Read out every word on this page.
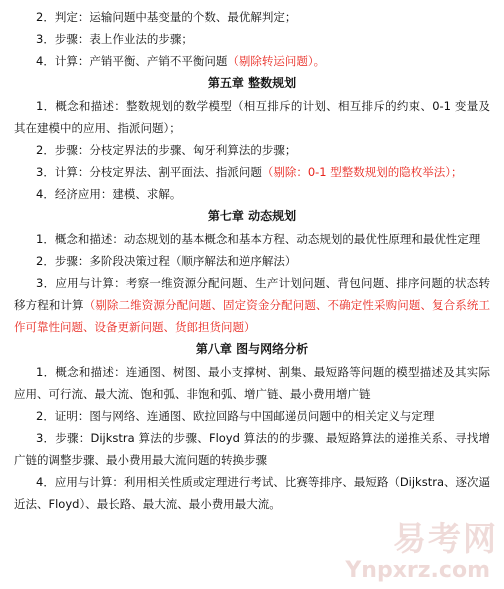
2．判定：运输问题中基变量的个数、最优解判定；

3．步骤：表上作业法的步骤；

4．计算：产销平衡、产销不平衡问题（剔除转运问题）。

第五章 整数规划

1．概念和描述：整数规划的数学模型（相互排斥的计划、相互排斥的约束、0-1 变量及其在建模中的应用、指派问题）；

2．步骤：分枝定界法的步骤、匈牙利算法的步骤；

3．计算：分枝定界法、割平面法、指派问题（剔除：0-1 型整数规划的隐枚举法）；

4．经济应用：建模、求解。

第七章 动态规划

1．概念和描述：动态规划的基本概念和基本方程、动态规划的最优性原理和最优性定理

2．步骤：多阶段决策过程（顺序解法和逆序解法）

3．应用与计算：考察一维资源分配问题、生产计划问题、背包问题、排序问题的状态转移方程和计算（剔除二维资源分配问题、固定资金分配问题、不确定性采购问题、复合系统工作可靠性问题、设备更新问题、货郎担货问题）

第八章 图与网络分析

1．概念和描述：连通图、树图、最小支撑树、割集、最短路等问题的模型描述及其实际应用、可行流、最大流、饱和弧、非饱和弧、增广链、最小费用增广链

2．证明：图与网络、连通图、欧拉回路与中国邮递员问题中的相关定义与定理

3．步骤：Dijkstra 算法的步骤、Floyd 算法的的步骤、最短路算法的递推关系、寻找增广链的调整步骤、最小费用最大流问题的转换步骤

4．应用与计算：利用相关性质或定理进行考试、比赛等排序、最短路（Dijkstra、逐次逼近法、Floyd）、最长路、最大流、最小费用最大流。

易考网
Ynpxrz.com
